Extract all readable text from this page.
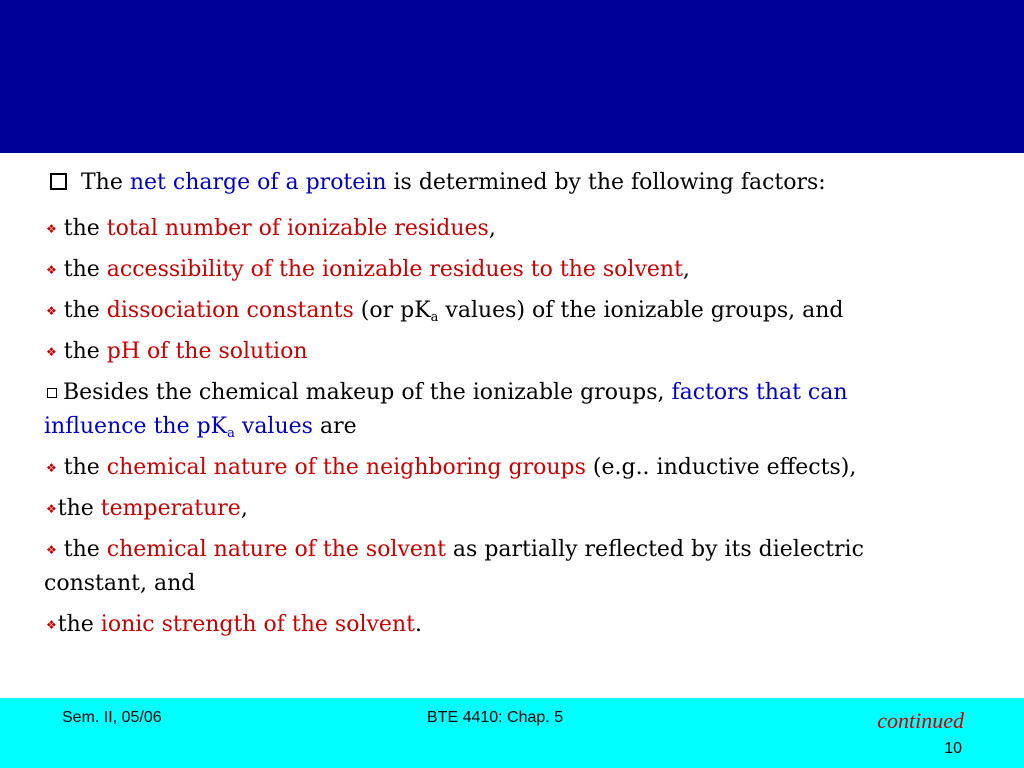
The net charge of a protein is determined by the following factors:
❖ the total number of ionizable residues,
❖ the accessibility of the ionizable residues to the solvent,
❖ the dissociation constants (or $pK_a$ values) of the ionizable groups, and
❖ the pH of the solution
Besides the chemical makeup of the ionizable groups, factors that can
influence the $pK_a$ values are
❖ the chemical nature of the neighboring groups (e.g.. inductive effects),
❖the temperature,
❖ the chemical nature of the solvent as partially reflected by its dielectric
constant, and
❖the ionic strength of the solvent.
Sem. II, 05/06	BTE 4410: Chap. 5	continued
10
